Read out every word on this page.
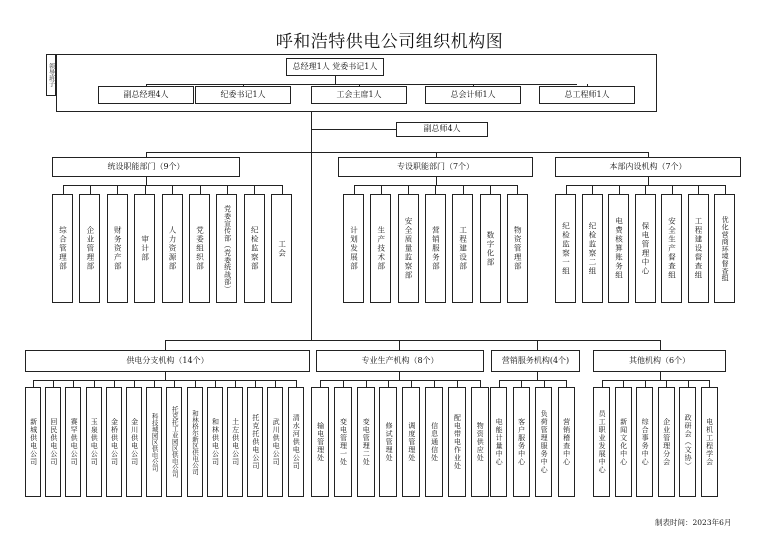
呼和浩特供电公司组织机构图
领导班子	总经理1人 党委书记1人
副总经理4人	纪委书记1人	工会主席1人	总会计师1人	总工程师1人
副总师4人
统设职能部门（9个）
综合管理部	企业管理部	财务资产部	审计部	人力资源部	党委组织部	党委宣传部（党委统战部）	纪检监察部	工会
专设职能部门（7个）
计划发展部	生产技术部	安全质量监察部	营销服务部	工程建设部	数字化部	物资管理部
本部内设机构（7个）
纪检监察一组	纪检监察二组	电费核算账务组	保电管理中心	安全生产督查组	工程建设督查组	优化营商环境督查组
供电分支机构（14个）
新城供电公司	回民供电公司	赛罕供电公司	玉泉供电公司	金桥供电公司	金川供电公司	科技城园区供电公司	托克托工业园区供电公司	和林格尔新区供电公司	和林供电公司	土左供电公司	托克托供电公司	武川供电公司	清水河供电公司
专业生产机构（8个）
输电管理处	变电管理一处	变电管理二处	修试管理处	调度管理处	信息通信处	配电带电作业处	物资供应处
营销服务机构(4个)
电能计量中心	客户服务中心	负荷管理服务中心	营销稽查中心
其他机构（6个）
员工职业发展中心	新闻文化中心	综合事务中心	企业管理分会	政研会（文协）	电机工程学会
制表时间：2023年6月
